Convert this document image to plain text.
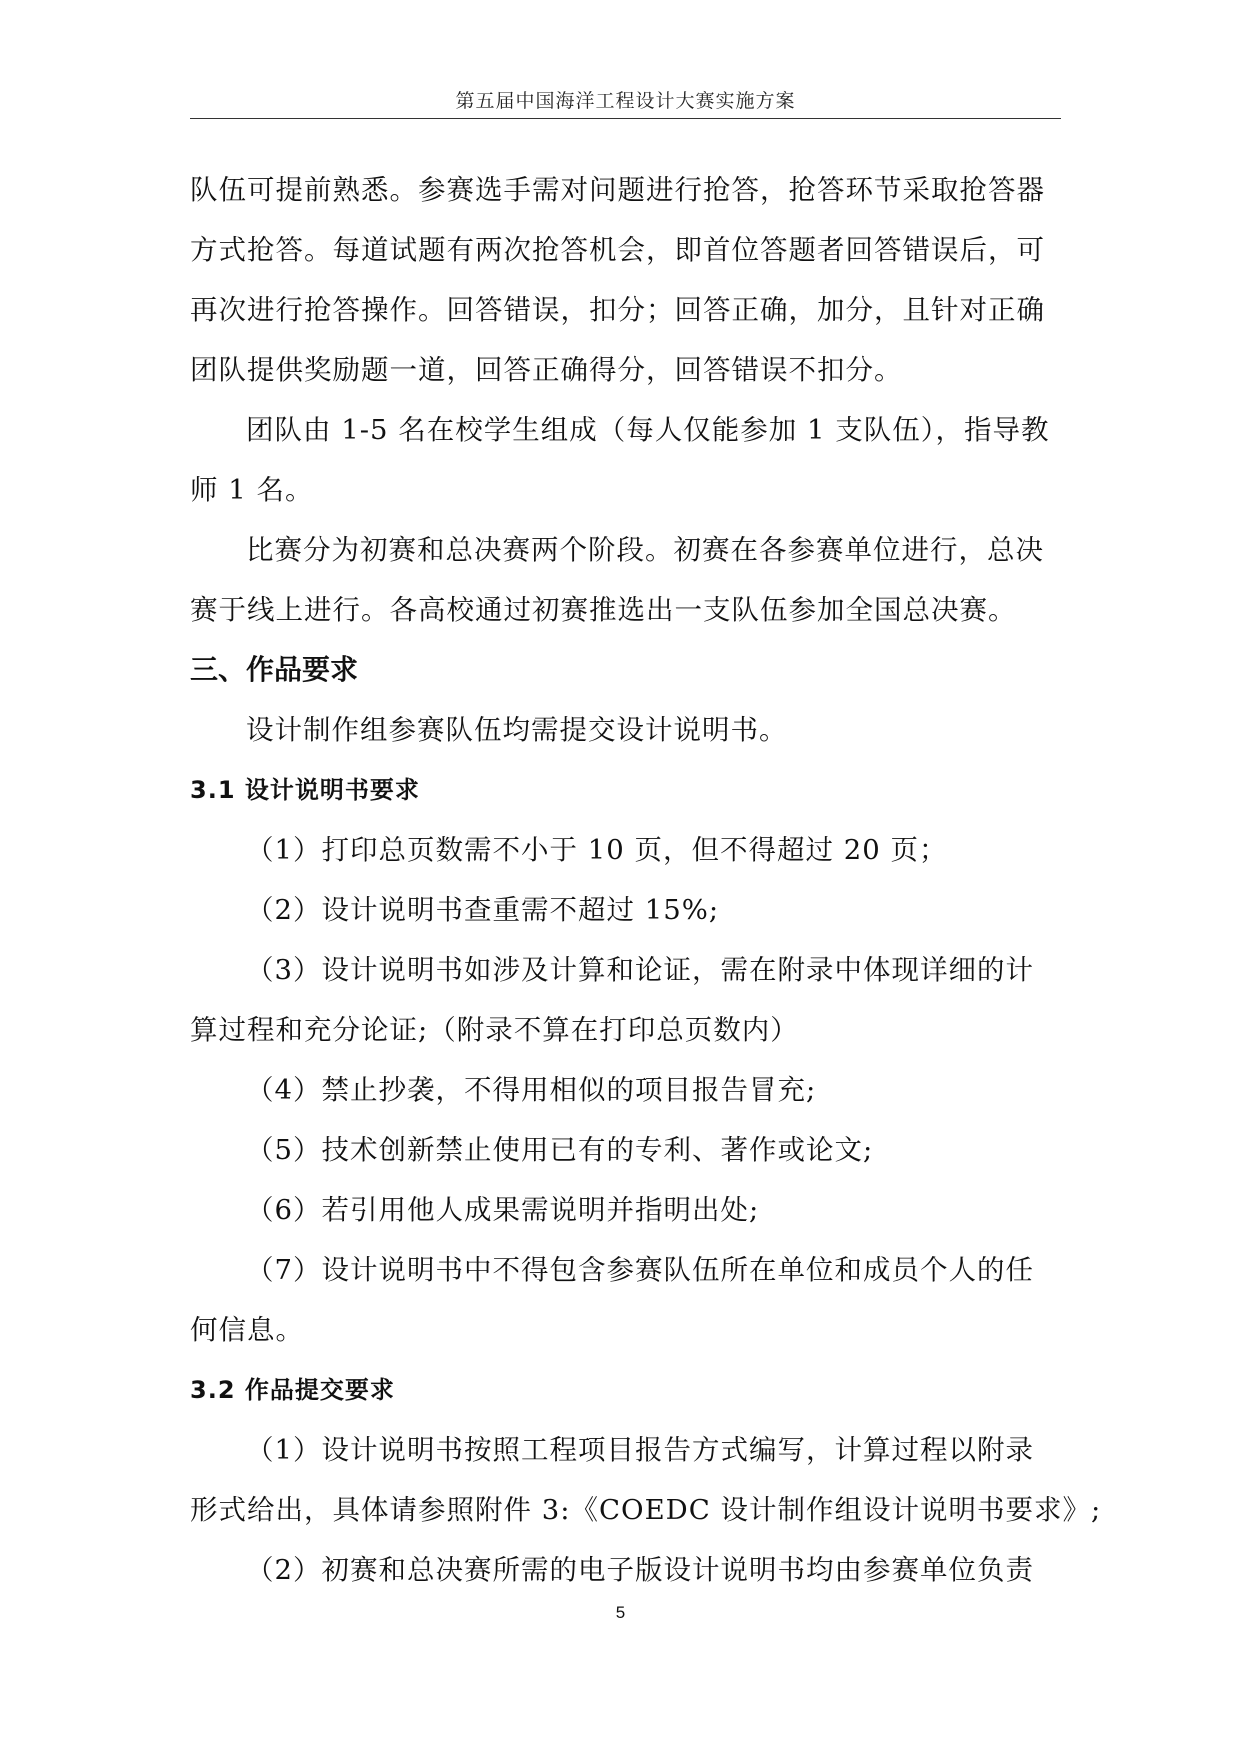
第五届中国海洋工程设计大赛实施方案

队伍可提前熟悉。参赛选手需对问题进行抢答，抢答环节采取抢答器

方式抢答。每道试题有两次抢答机会，即首位答题者回答错误后，可

再次进行抢答操作。回答错误，扣分；回答正确，加分，且针对正确

团队提供奖励题一道，回答正确得分，回答错误不扣分。

团队由 1-5 名在校学生组成（每人仅能参加 1 支队伍），指导教

师 1 名。

比赛分为初赛和总决赛两个阶段。初赛在各参赛单位进行，总决

赛于线上进行。各高校通过初赛推选出一支队伍参加全国总决赛。

三、作品要求

设计制作组参赛队伍均需提交设计说明书。

3.1 设计说明书要求

（1）打印总页数需不小于 10 页，但不得超过 20 页；

（2）设计说明书查重需不超过 15%;

（3）设计说明书如涉及计算和论证，需在附录中体现详细的计

算过程和充分论证;（附录不算在打印总页数内）

（4）禁止抄袭，不得用相似的项目报告冒充;

（5）技术创新禁止使用已有的专利、著作或论文;

（6）若引用他人成果需说明并指明出处;

（7）设计说明书中不得包含参赛队伍所在单位和成员个人的任

何信息。

3.2 作品提交要求

（1）设计说明书按照工程项目报告方式编写，计算过程以附录

形式给出，具体请参照附件 3:《COEDC 设计制作组设计说明书要求》;

（2）初赛和总决赛所需的电子版设计说明书均由参赛单位负责

5
